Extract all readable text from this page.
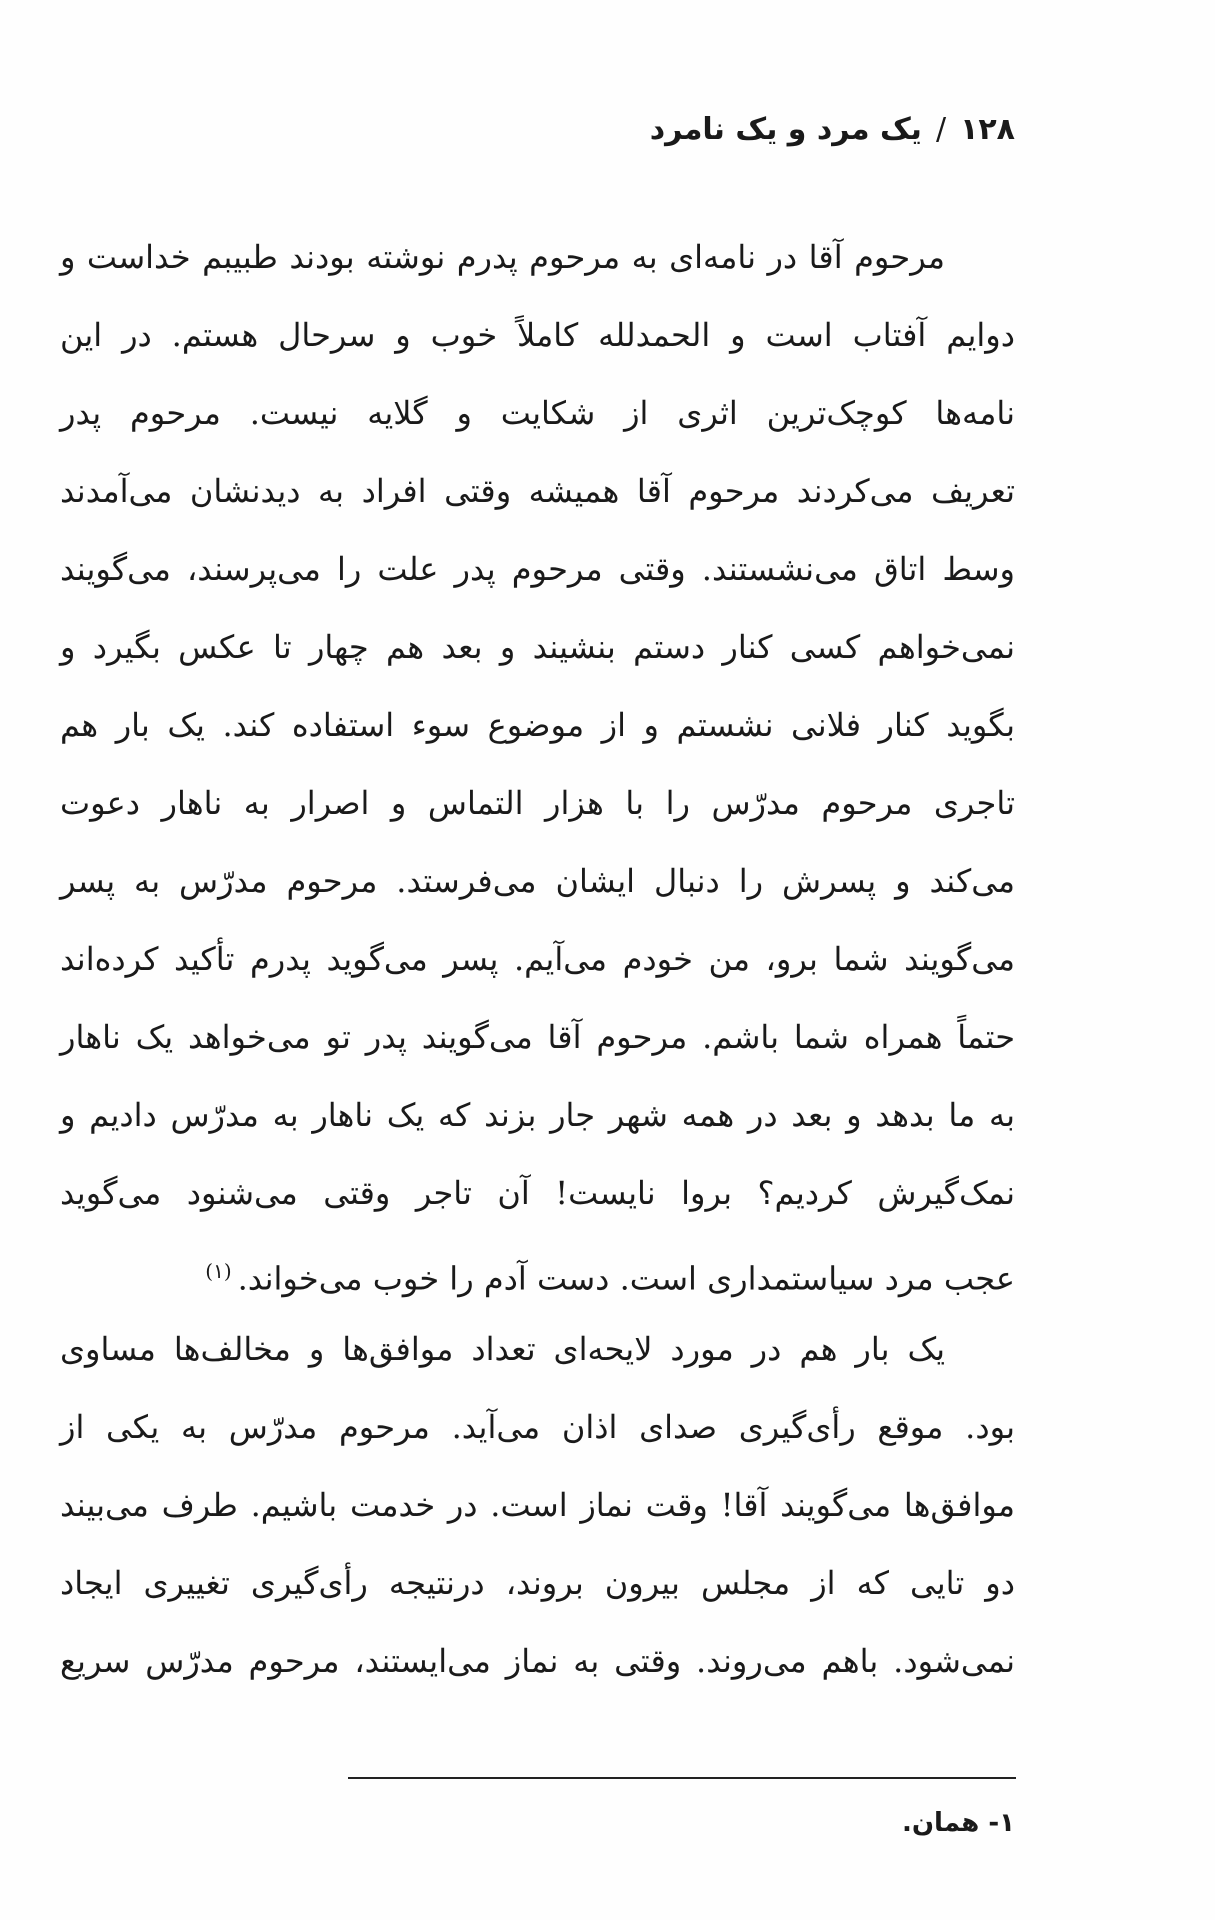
۱۲۸/یک مرد و یک نامرد
مرحوم آقا در نامه‌ای به مرحوم پدرم نوشته بودند طبیبم خداست و
دوایم آفتاب است و الحمدلله کاملاً خوب و سرحال هستم. در این
نامه‌ها کوچک‌ترین اثری از شکایت و گلایه نیست. مرحوم پدر
تعریف می‌کردند مرحوم آقا همیشه وقتی افراد به دیدنشان می‌آمدند
وسط اتاق می‌نشستند. وقتی مرحوم پدر علت را می‌پرسند، می‌گویند
نمی‌خواهم کسی کنار دستم بنشیند و بعد هم چهار تا عکس بگیرد و
بگوید کنار فلانی نشستم و از موضوع سوء استفاده کند. یک بار هم
تاجری مرحوم مدرّس را با هزار التماس و اصرار به ناهار دعوت
می‌کند و پسرش را دنبال ایشان می‌فرستد. مرحوم مدرّس به پسر
می‌گویند شما برو، من خودم می‌آیم. پسر می‌گوید پدرم تأکید کرده‌اند
حتماً همراه شما باشم. مرحوم آقا می‌گویند پدر تو می‌خواهد یک ناهار
به ما بدهد و بعد در همه شهر جار بزند که یک ناهار به مدرّس دادیم و
نمک‌گیرش کردیم؟ بروا نایست! آن تاجر وقتی می‌شنود می‌گوید
عجب مرد سیاستمداری است. دست آدم را خوب می‌خواند.$^{(۱)}$
یک بار هم در مورد لایحه‌ای تعداد موافق‌ها و مخالف‌ها مساوی
بود. موقع رأی‌گیری صدای اذان می‌آید. مرحوم مدرّس به یکی از
موافق‌ها می‌گویند آقا! وقت نماز است. در خدمت باشیم. طرف می‌بیند
دو تایی که از مجلس بیرون بروند، درنتیجه رأی‌گیری تغییری ایجاد
نمی‌شود. باهم می‌روند. وقتی به نماز می‌ایستند، مرحوم مدرّس سریع
۱- همان.
